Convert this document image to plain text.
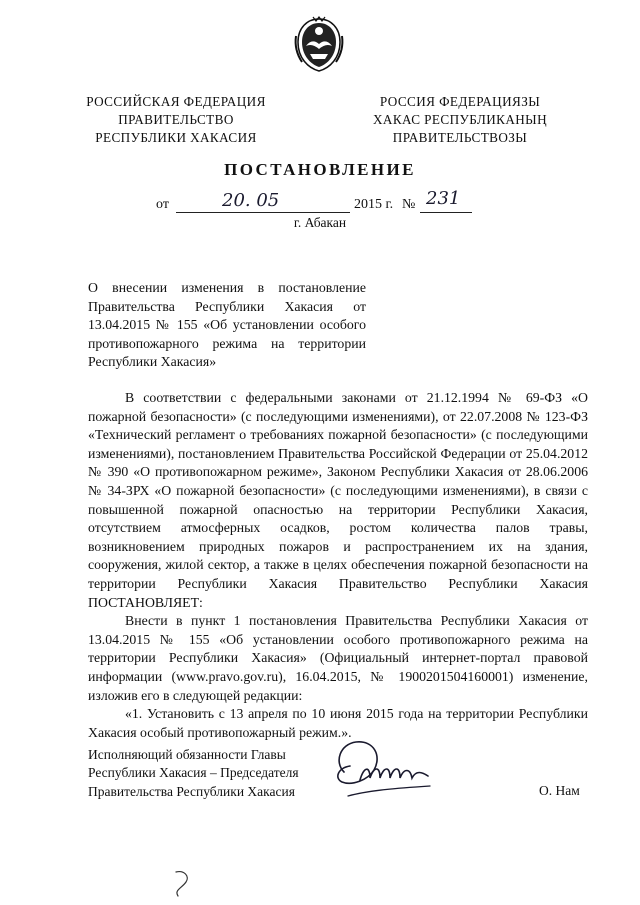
РОССИЙСКАЯ ФЕДЕРАЦИЯ
ПРАВИТЕЛЬСТВО
РЕСПУБЛИКИ ХАКАСИЯ
РОССИЯ ФЕДЕРАЦИЯЗЫ
ХАКАС РЕСПУБЛИКАНЫҢ
ПРАВИТЕЛЬСТВОЗЫ
ПОСТАНОВЛЕНИЕ
от	20. 05	2015 г. № 231
г. Абакан
О внесении изменения в постановление
Правительства Республики Хакасия от
13.04.2015 № 155 «Об установлении особого
противопожарного режима на территории
Республики Хакасия»

В соответствии с федеральными законами от 21.12.1994 № 69-ФЗ «О пожарной безопасности» (с последующими изменениями), от 22.07.2008 № 123-ФЗ «Технический регламент о требованиях пожарной безопасности» (с последующими изменениями), постановлением Правительства Российской Федерации от 25.04.2012 № 390 «О противопожарном режиме», Законом Республики Хакасия от 28.06.2006 № 34-ЗРХ «О пожарной безопасности» (с последующими изменениями), в связи с повышенной пожарной опасностью на территории Республики Хакасия, отсутствием атмосферных осадков, ростом количества палов травы, возникновением природных пожаров и распространением их на здания, сооружения, жилой сектор, а также в целях обеспечения пожарной безопасности на территории Республики Хакасия Правительство Республики Хакасия ПОСТАНОВЛЯЕТ:

Внести в пункт 1 постановления Правительства Республики Хакасия от 13.04.2015 № 155 «Об установлении особого противопожарного режима на территории Республики Хакасия» (Официальный интернет-портал правовой информации (www.pravo.gov.ru), 16.04.2015, № 1900201504160001) изменение, изложив его в следующей редакции:

«1. Установить с 13 апреля по 10 июня 2015 года на территории Республики Хакасия особый противопожарный режим.».

Исполняющий обязанности Главы
Республики Хакасия – Председателя
Правительства Республики Хакасия	О. Нам
